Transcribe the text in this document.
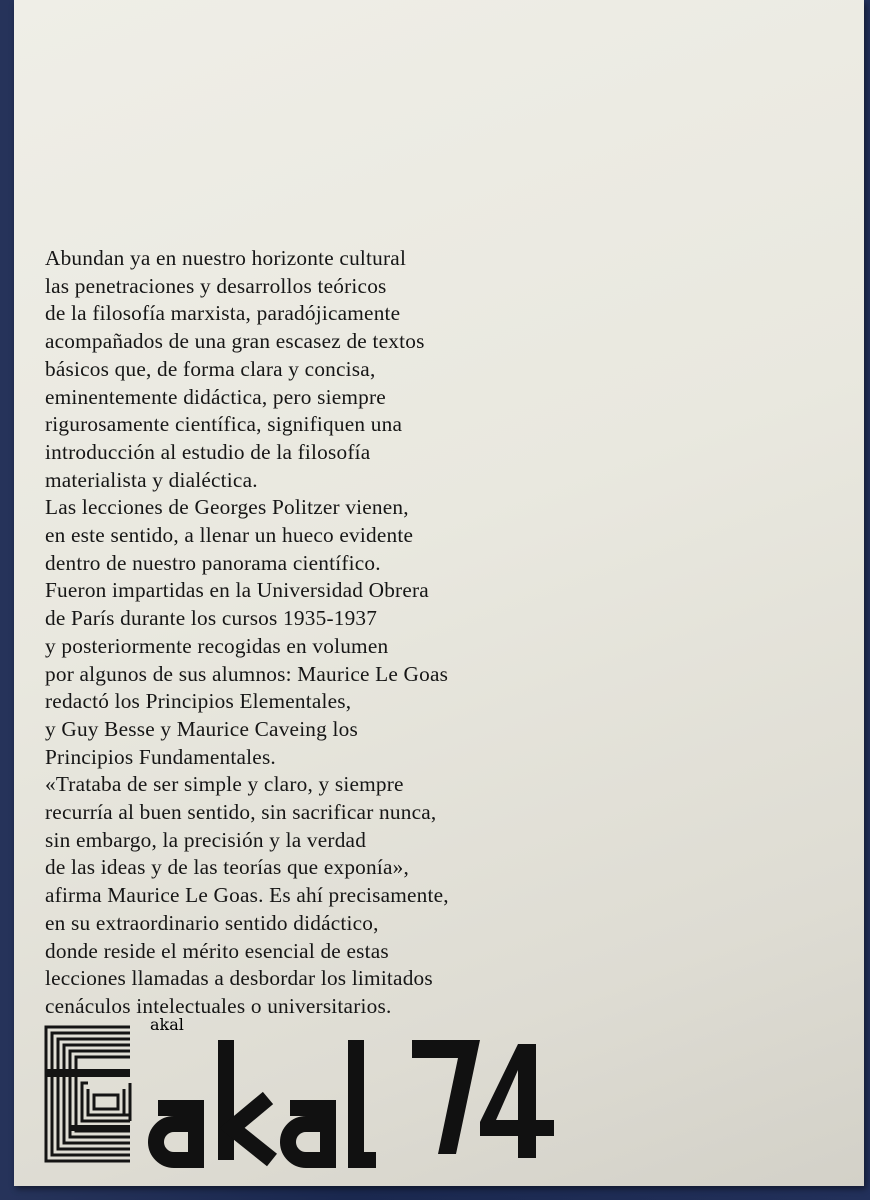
Abundan ya en nuestro horizonte cultural
las penetraciones y desarrollos teóricos
de la filosofía marxista, paradójicamente
acompañados de una gran escasez de textos
básicos que, de forma clara y concisa,
eminentemente didáctica, pero siempre
rigurosamente científica, signifiquen una
introducción al estudio de la filosofía
materialista y dialéctica.
Las lecciones de Georges Politzer vienen,
en este sentido, a llenar un hueco evidente
dentro de nuestro panorama científico.
Fueron impartidas en la Universidad Obrera
de París durante los cursos 1935-1937
y posteriormente recogidas en volumen
por algunos de sus alumnos: Maurice Le Goas
redactó los Principios Elementales,
y Guy Besse y Maurice Caveing los
Principios Fundamentales.
«Trataba de ser simple y claro, y siempre
recurría al buen sentido, sin sacrificar nunca,
sin embargo, la precisión y la verdad
de las ideas y de las teorías que exponía»,
afirma Maurice Le Goas. Es ahí precisamente,
en su extraordinario sentido didáctico,
donde reside el mérito esencial de estas
lecciones llamadas a desbordar los limitados
cenáculos intelectuales o universitarios.
akal
